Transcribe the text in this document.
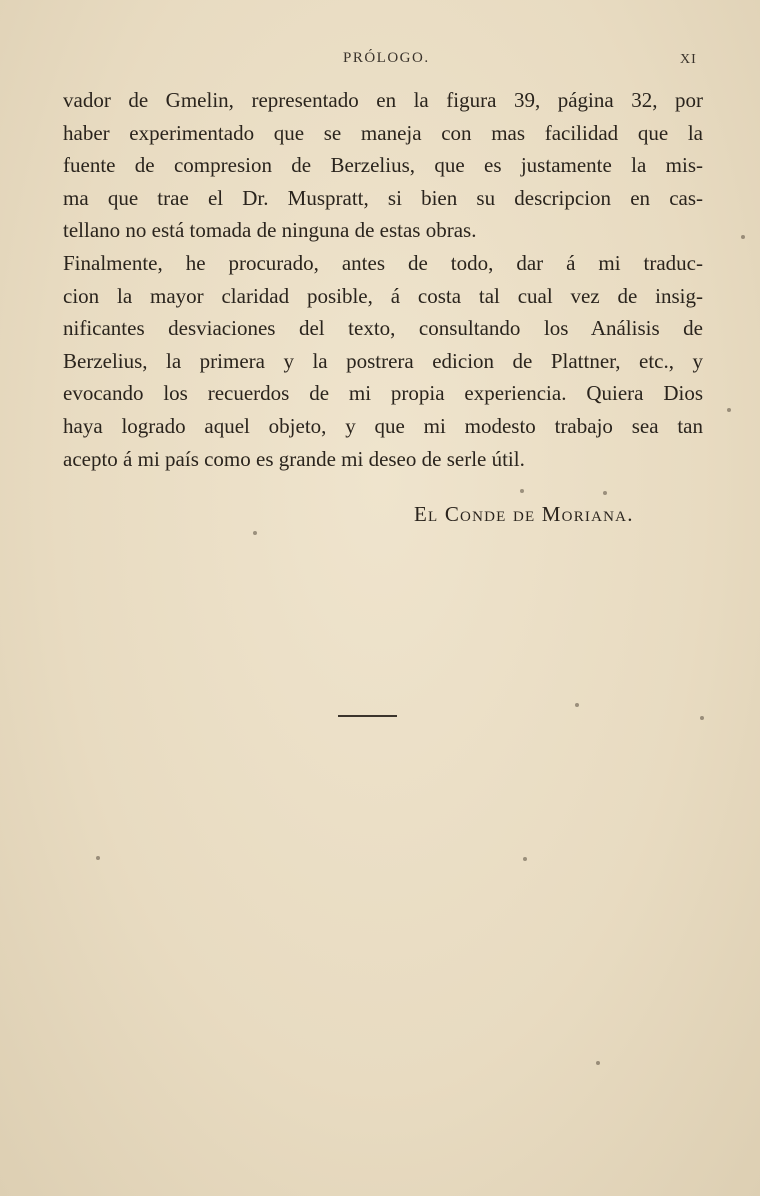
PRÓLOGO.	XI
vador de Gmelin, representado en la figura 39, página 32, por
haber experimentado que se maneja con mas facilidad que la
fuente de compresion de Berzelius, que es justamente la mis-
ma que trae el Dr. Muspratt, si bien su descripcion en cas-
tellano no está tomada de ninguna de estas obras.
Finalmente, he procurado, antes de todo, dar á mi traduc-
cion la mayor claridad posible, á costa tal cual vez de insig-
nificantes desviaciones del texto, consultando los Análisis de
Berzelius, la primera y la postrera edicion de Plattner, etc., y
evocando los recuerdos de mi propia experiencia. Quiera Dios
haya logrado aquel objeto, y que mi modesto trabajo sea tan
acepto á mi país como es grande mi deseo de serle útil.
El Conde de Moriana.
